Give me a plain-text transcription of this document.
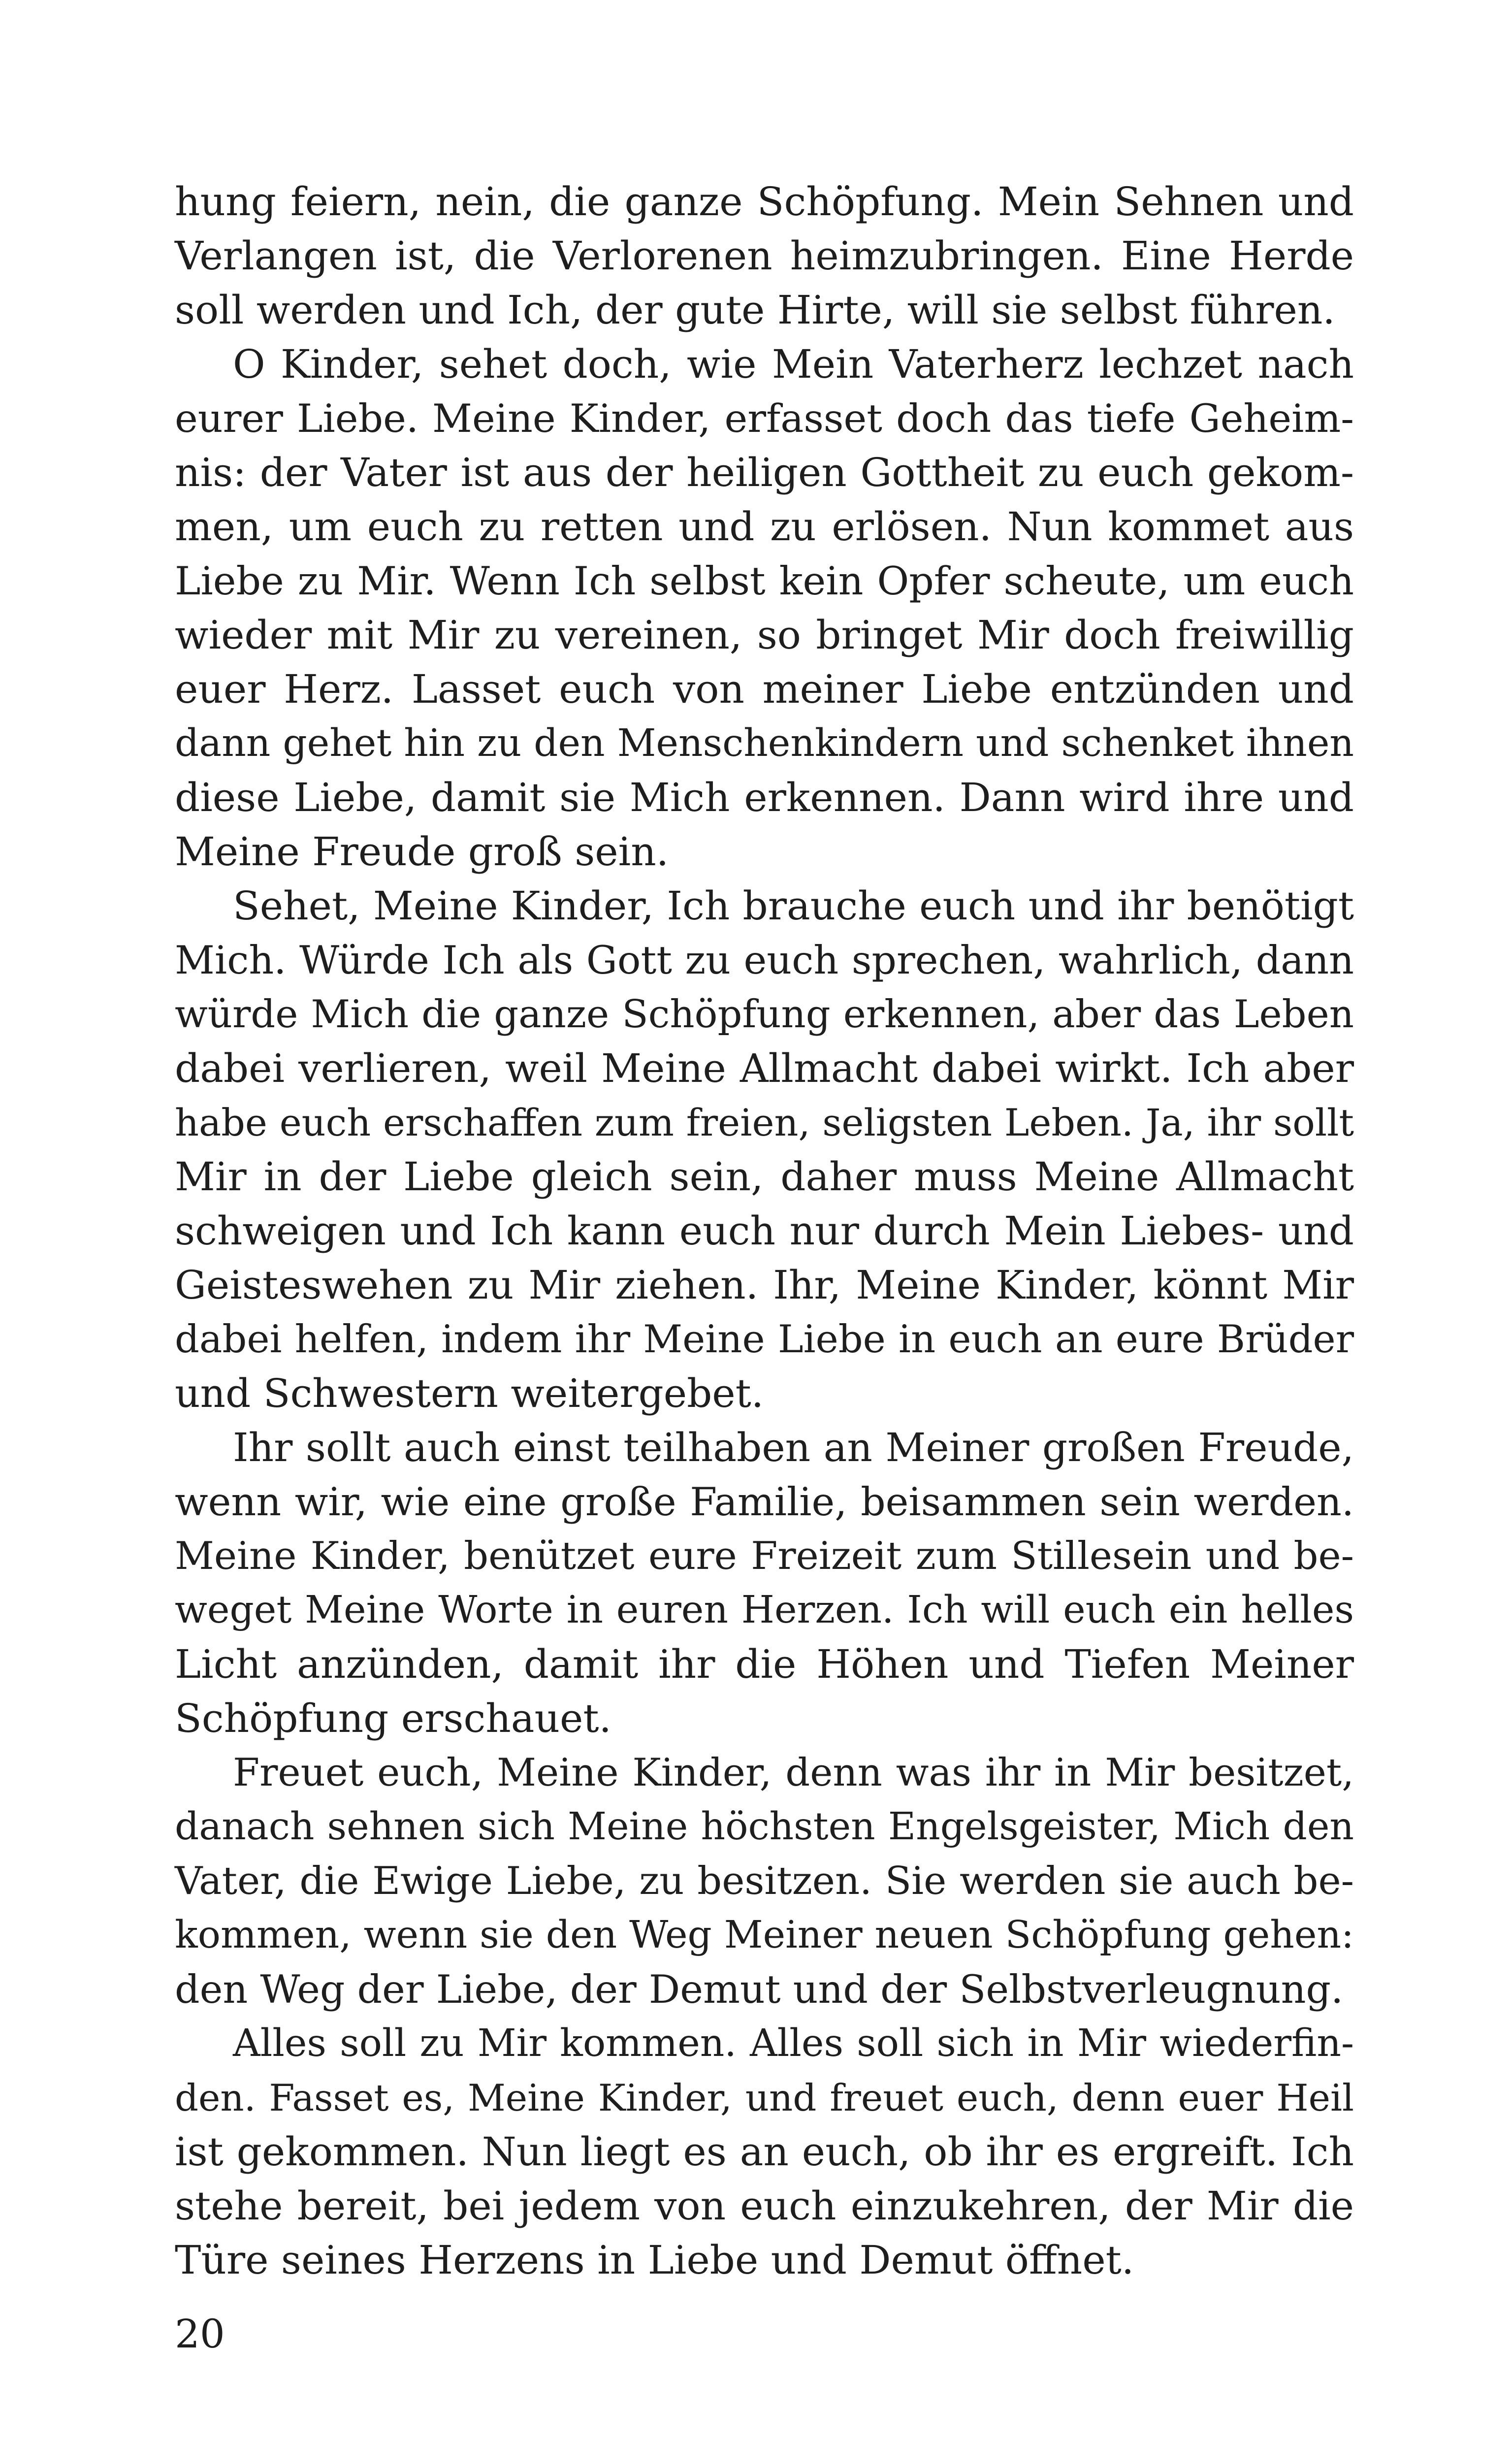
hung feiern, nein, die ganze Schöpfung. Mein Sehnen und
Verlangen ist, die Verlorenen heimzubringen. Eine Herde
soll werden und Ich, der gute Hirte, will sie selbst führen.
O Kinder, sehet doch, wie Mein Vaterherz lechzet nach
eurer Liebe. Meine Kinder, erfasset doch das tiefe Geheim-
nis: der Vater ist aus der heiligen Gottheit zu euch gekom-
men, um euch zu retten und zu erlösen. Nun kommet aus
Liebe zu Mir. Wenn Ich selbst kein Opfer scheute, um euch
wieder mit Mir zu vereinen, so bringet Mir doch freiwillig
euer Herz. Lasset euch von meiner Liebe entzünden und
dann gehet hin zu den Menschenkindern und schenket ihnen
diese Liebe, damit sie Mich erkennen. Dann wird ihre und
Meine Freude groß sein.
Sehet, Meine Kinder, Ich brauche euch und ihr benötigt
Mich. Würde Ich als Gott zu euch sprechen, wahrlich, dann
würde Mich die ganze Schöpfung erkennen, aber das Leben
dabei verlieren, weil Meine Allmacht dabei wirkt. Ich aber
habe euch erschaffen zum freien, seligsten Leben. Ja, ihr sollt
Mir in der Liebe gleich sein, daher muss Meine Allmacht
schweigen und Ich kann euch nur durch Mein Liebes- und
Geisteswehen zu Mir ziehen. Ihr, Meine Kinder, könnt Mir
dabei helfen, indem ihr Meine Liebe in euch an eure Brüder
und Schwestern weitergebet.
Ihr sollt auch einst teilhaben an Meiner großen Freude,
wenn wir, wie eine große Familie, beisammen sein werden.
Meine Kinder, benützet eure Freizeit zum Stillesein und be-
weget Meine Worte in euren Herzen. Ich will euch ein helles
Licht anzünden, damit ihr die Höhen und Tiefen Meiner
Schöpfung erschauet.
Freuet euch, Meine Kinder, denn was ihr in Mir besitzet,
danach sehnen sich Meine höchsten Engelsgeister, Mich den
Vater, die Ewige Liebe, zu besitzen. Sie werden sie auch be-
kommen, wenn sie den Weg Meiner neuen Schöpfung gehen:
den Weg der Liebe, der Demut und der Selbstverleugnung.
Alles soll zu Mir kommen. Alles soll sich in Mir wiederfin-
den. Fasset es, Meine Kinder, und freuet euch, denn euer Heil
ist gekommen. Nun liegt es an euch, ob ihr es ergreift. Ich
stehe bereit, bei jedem von euch einzukehren, der Mir die
Türe seines Herzens in Liebe und Demut öffnet.
20
